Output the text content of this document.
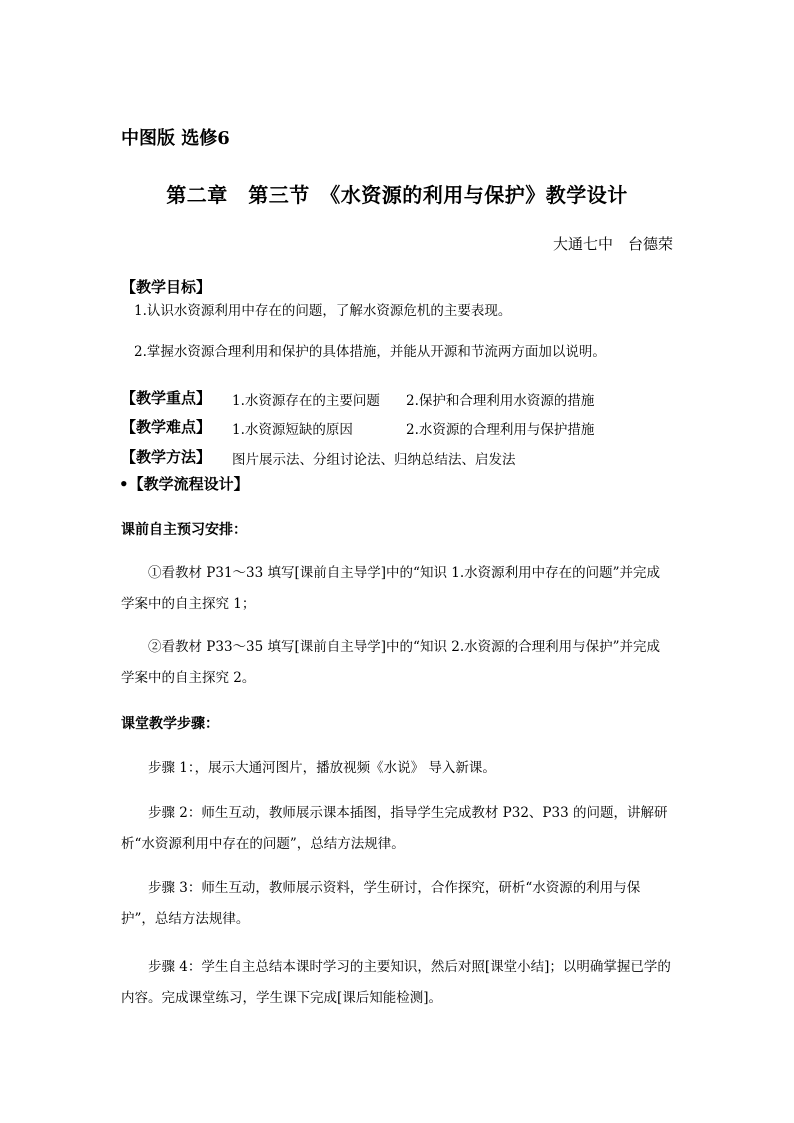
中图版 选修6
第二章　第三节　《水资源的利用与保护》教学设计
大通七中　台德荣
【教学目标】
1.认识水资源利用中存在的问题，了解水资源危机的主要表现。
2.掌握水资源合理利用和保护的具体措施，并能从开源和节流两方面加以说明。
【教学重点】 1.水资源存在的主要问题 2.保护和合理利用水资源的措施
【教学难点】 1.水资源短缺的原因	2.水资源的合理利用与保护措施
【教学方法】 图片展示法、分组讨论法、归纳总结法、启发法
•【教学流程设计】
课前自主预习安排：
①看教材 P31～33 填写[课前自主导学]中的“知识 1.水资源利用中存在的问题”并完成学案中的自主探究 1；
②看教材 P33～35 填写[课前自主导学]中的“知识 2.水资源的合理利用与保护”并完成学案中的自主探究 2。
课堂教学步骤：
步骤 1：，展示大通河图片，播放视频《水说》 导入新课。
步骤 2：师生互动，教师展示课本插图，指导学生完成教材 P32、P33 的问题，讲解研析“水资源利用中存在的问题”，总结方法规律。
步骤 3：师生互动，教师展示资料，学生研讨，合作探究，研析“水资源的利用与保护”，总结方法规律。
步骤 4：学生自主总结本课时学习的主要知识，然后对照[课堂小结]；以明确掌握已学的内容。完成课堂练习，学生课下完成[课后知能检测]。
